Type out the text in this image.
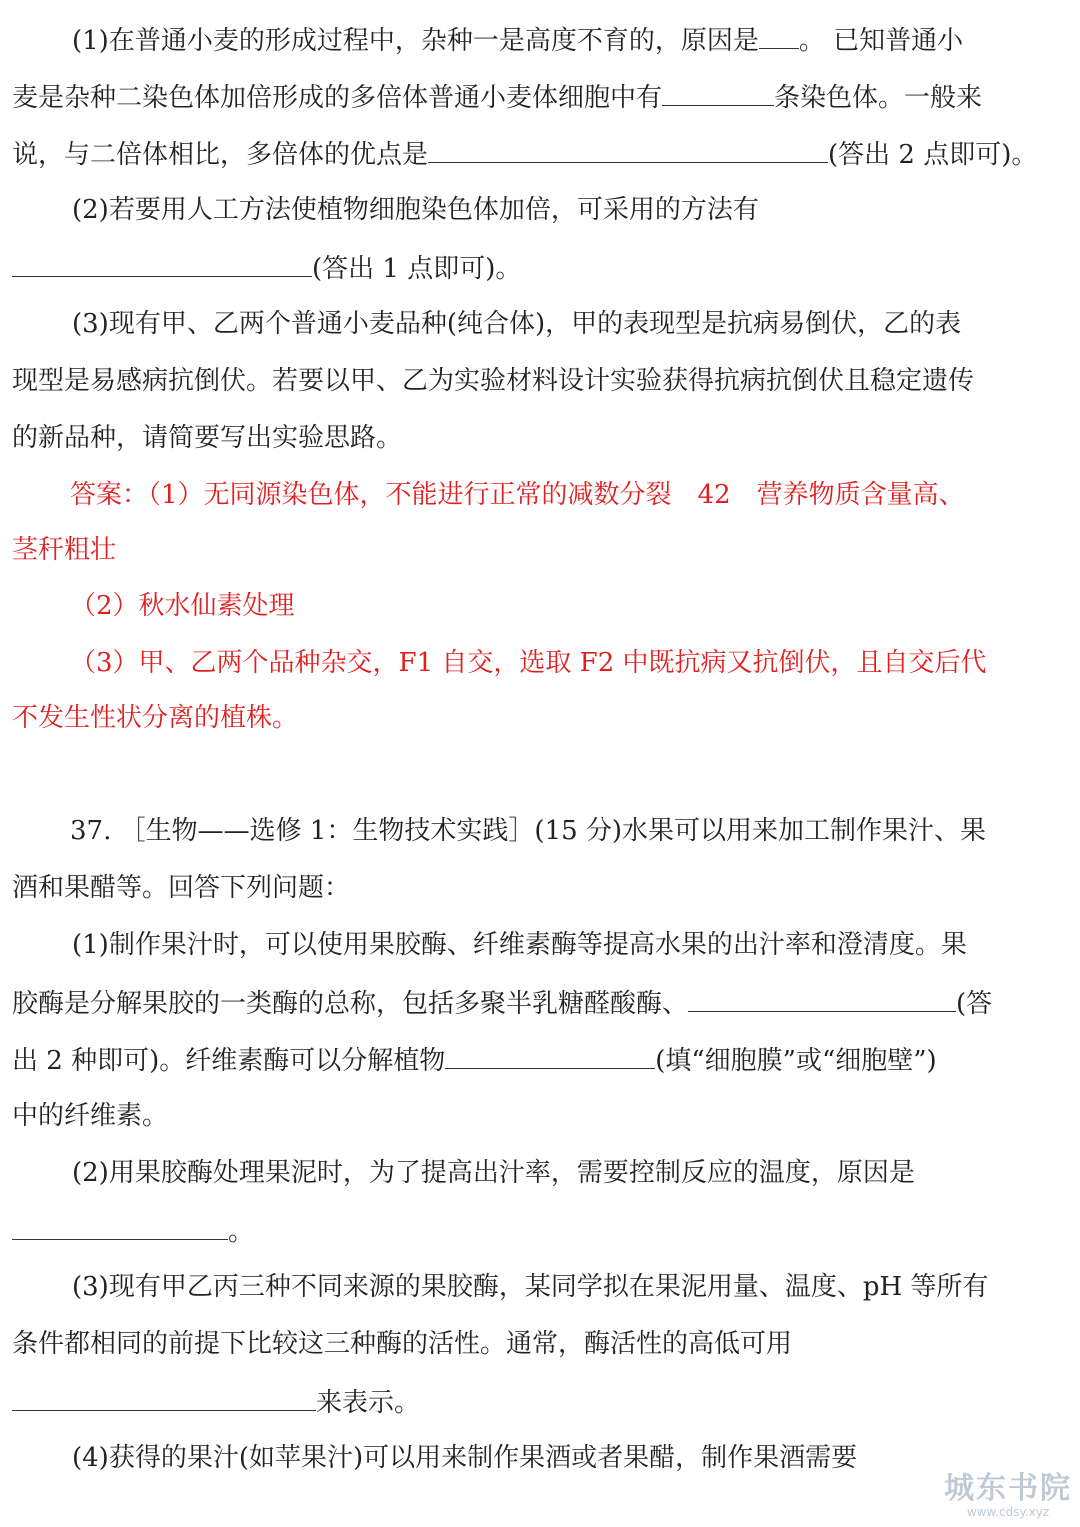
(1)在普通小麦的形成过程中，杂种一是高度不育的，原因是 。 已知普通小
麦是杂种二染色体加倍形成的多倍体普通小麦体细胞中有	条染色体。一般来
说，与二倍体相比，多倍体的优点是	(答出 2 点即可)。
(2)若要用人工方法使植物细胞染色体加倍，可采用的方法有
(答出 1 点即可)。
(3)现有甲、乙两个普通小麦品种(纯合体)，甲的表现型是抗病易倒伏，乙的表
现型是易感病抗倒伏。若要以甲、乙为实验材料设计实验获得抗病抗倒伏且稳定遗传
的新品种，请简要写出实验思路。
答案：（1）无同源染色体，不能进行正常的减数分裂　42　营养物质含量高、
茎秆粗壮
（2）秋水仙素处理
（3）甲、乙两个品种杂交，F1 自交，选取 F2 中既抗病又抗倒伏，且自交后代
不发生性状分离的植株。
37. ［生物——选修 1：生物技术实践］(15 分)水果可以用来加工制作果汁、果
酒和果醋等。回答下列问题：
(1)制作果汁时，可以使用果胶酶、纤维素酶等提高水果的出汁率和澄清度。果
胶酶是分解果胶的一类酶的总称，包括多聚半乳糖醛酸酶、	(答
出 2 种即可)。纤维素酶可以分解植物	(填“细胞膜”或“细胞壁”)
中的纤维素。
(2)用果胶酶处理果泥时，为了提高出汁率，需要控制反应的温度，原因是
。
(3)现有甲乙丙三种不同来源的果胶酶，某同学拟在果泥用量、温度、pH 等所有
条件都相同的前提下比较这三种酶的活性。通常，酶活性的高低可用
来表示。
(4)获得的果汁(如苹果汁)可以用来制作果酒或者果醋，制作果酒需要
城东书院
www.cdsy.xyz
